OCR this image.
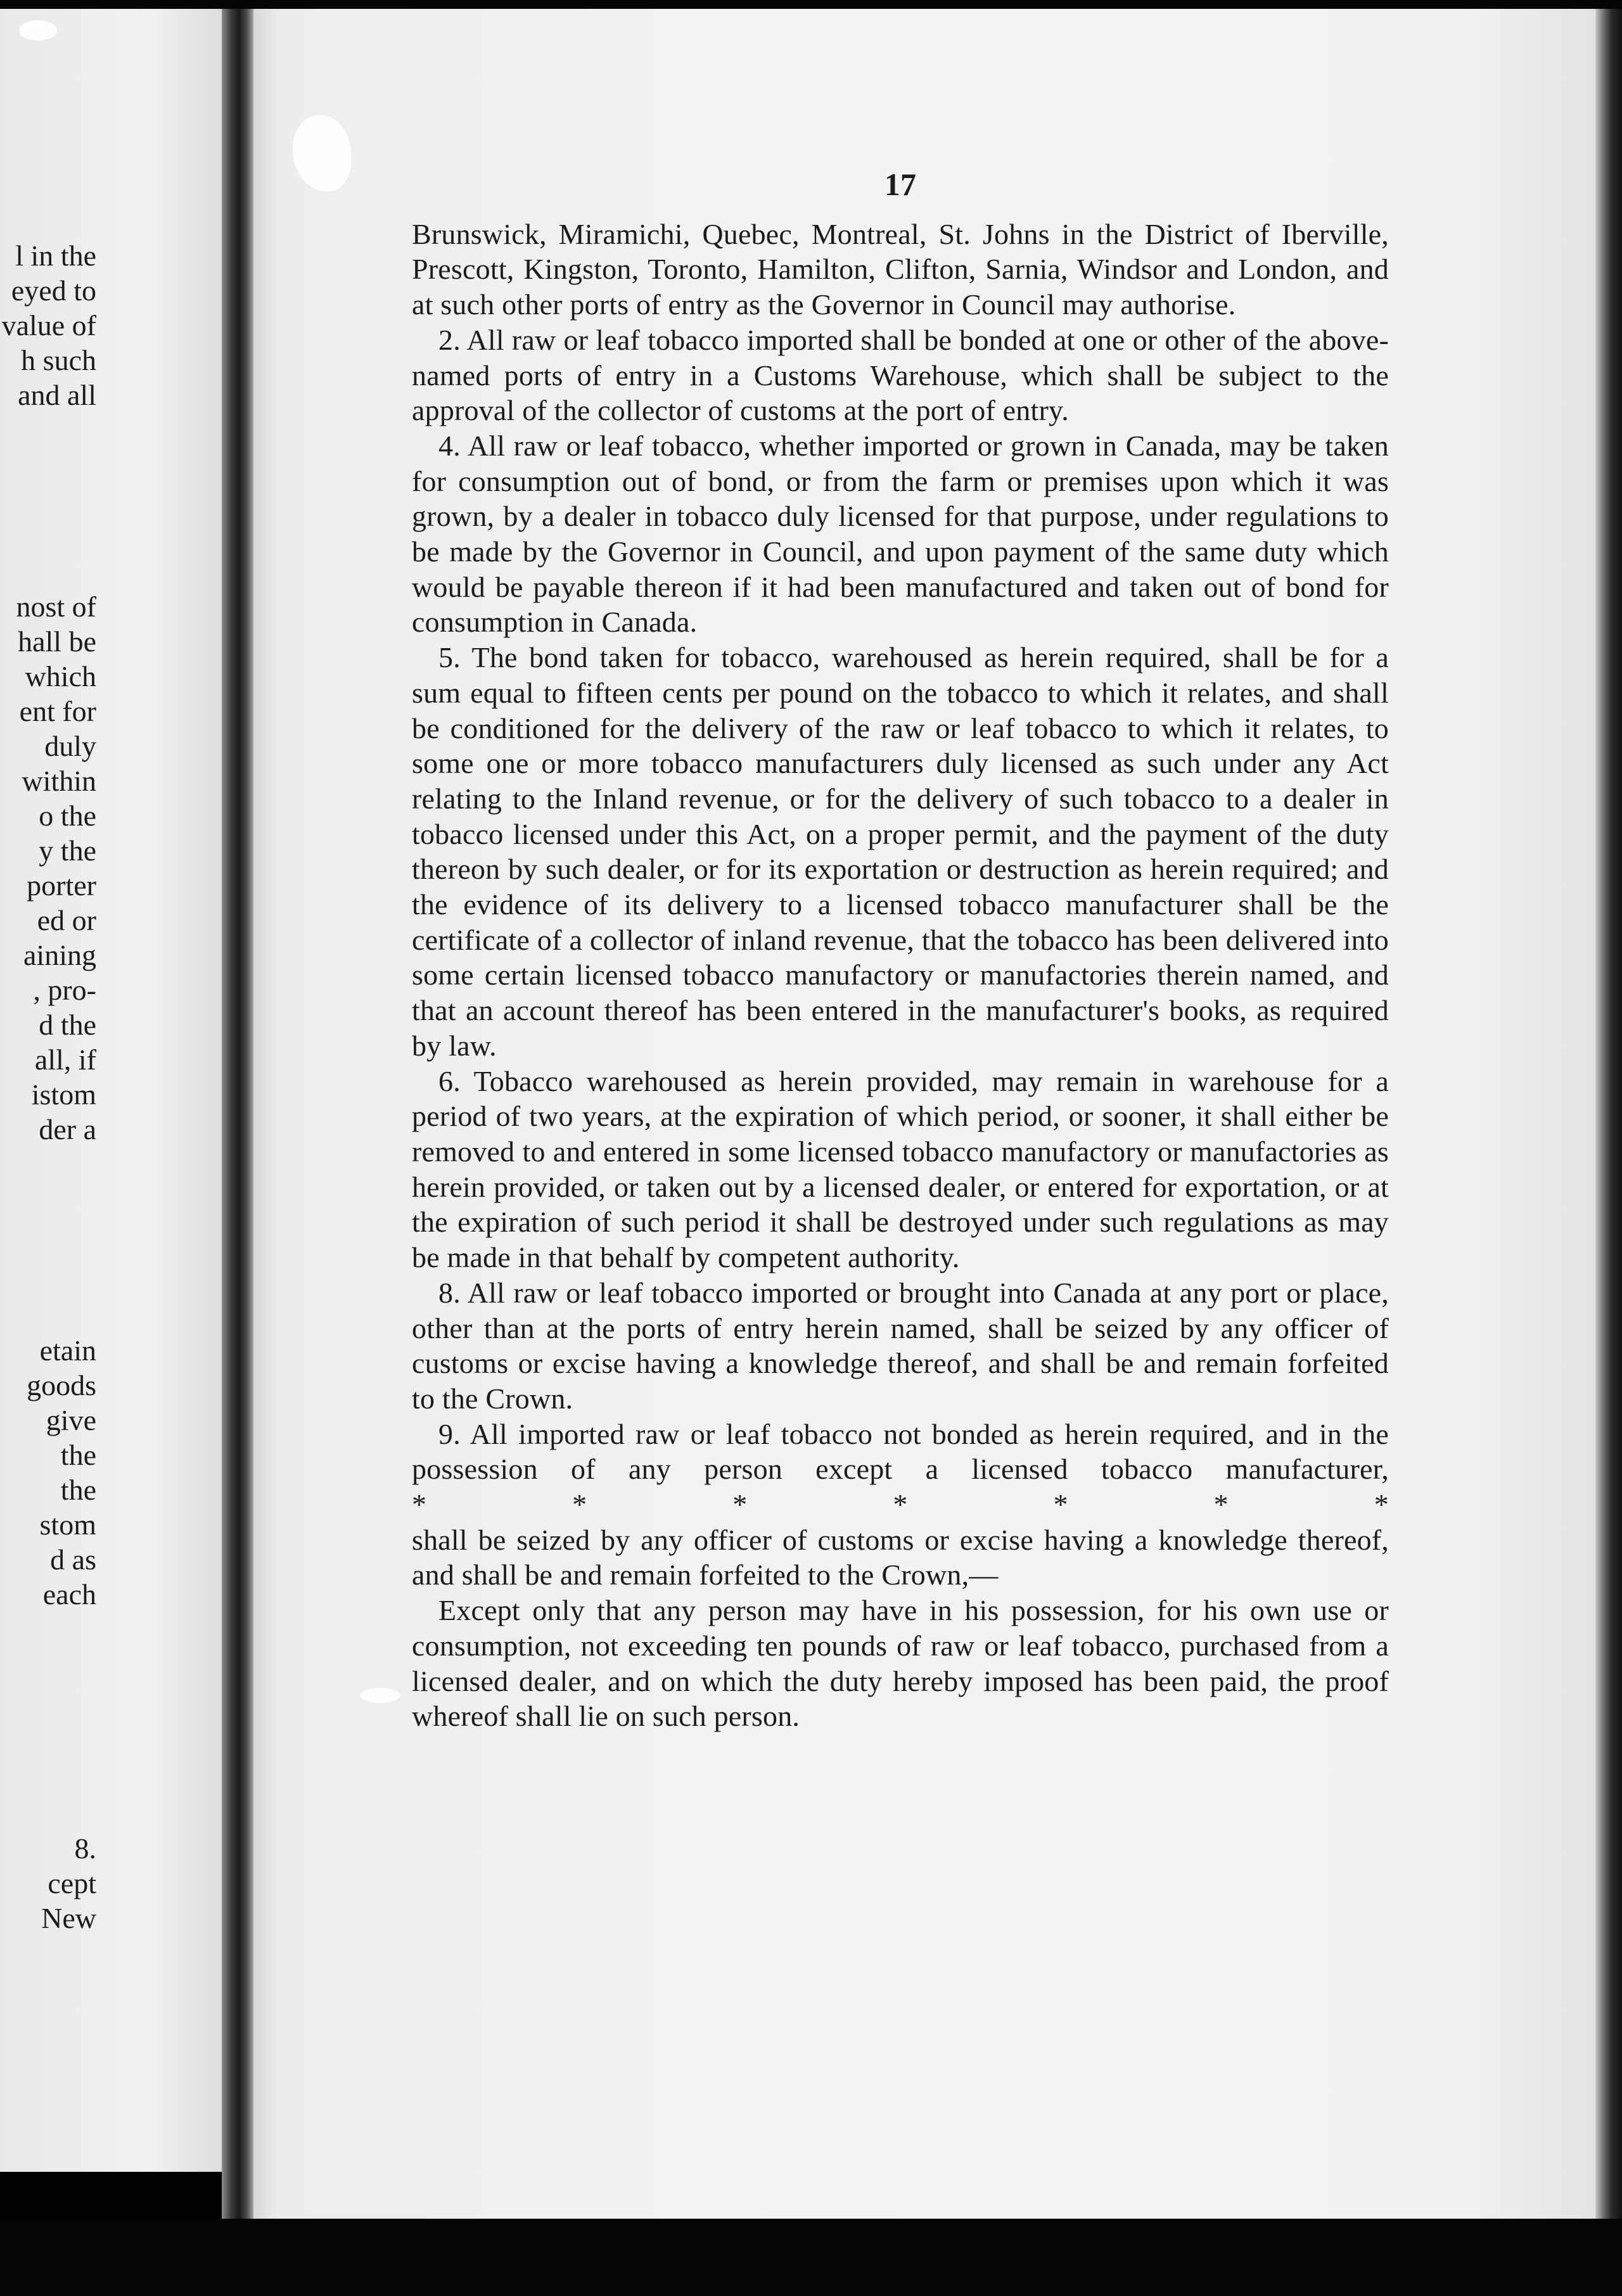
l in the
eyed to
value of
h such
and all
nost of
hall be
which
ent for
duly
within
o the
y the
porter
ed or
aining
, pro-
d the
all, if
istom
der a
etain
goods
give
the
the
stom
d as
each
8.
cept
New
17

Brunswick, Miramichi, Quebec, Montreal, St. Johns in the District of Iberville, Prescott, Kingston, Toronto, Hamilton, Clifton, Sarnia, Windsor and London, and at such other ports of entry as the Governor in Council may authorise.

2. All raw or leaf tobacco imported shall be bonded at one or other of the above-named ports of entry in a Customs Warehouse, which shall be subject to the approval of the collector of customs at the port of entry.

4. All raw or leaf tobacco, whether imported or grown in Canada, may be taken for consumption out of bond, or from the farm or premises upon which it was grown, by a dealer in tobacco duly licensed for that purpose, under regulations to be made by the Governor in Council, and upon payment of the same duty which would be payable thereon if it had been manufactured and taken out of bond for consumption in Canada.

5. The bond taken for tobacco, warehoused as herein required, shall be for a sum equal to fifteen cents per pound on the tobacco to which it relates, and shall be conditioned for the delivery of the raw or leaf tobacco to which it relates, to some one or more tobacco manufacturers duly licensed as such under any Act relating to the Inland revenue, or for the delivery of such tobacco to a dealer in tobacco licensed under this Act, on a proper permit, and the payment of the duty thereon by such dealer, or for its exportation or destruction as herein required; and the evidence of its delivery to a licensed tobacco manufacturer shall be the certificate of a collector of inland revenue, that the tobacco has been delivered into some certain licensed tobacco manufactory or manufactories therein named, and that an account thereof has been entered in the manufacturer's books, as required by law.

6. Tobacco warehoused as herein provided, may remain in warehouse for a period of two years, at the expiration of which period, or sooner, it shall either be removed to and entered in some licensed tobacco manufactory or manufactories as herein provided, or taken out by a licensed dealer, or entered for exportation, or at the expiration of such period it shall be destroyed under such regulations as may be made in that behalf by competent authority.

8. All raw or leaf tobacco imported or brought into Canada at any port or place, other than at the ports of entry herein named, shall be seized by any officer of customs or excise having a knowledge thereof, and shall be and remain forfeited to the Crown.

9. All imported raw or leaf tobacco not bonded as herein required, and in the possession of any person except a licensed tobacco manufacturer, *      *      *      *      *      *      *

shall be seized by any officer of customs or excise having a knowledge thereof, and shall be and remain forfeited to the Crown,—

Except only that any person may have in his possession, for his own use or consumption, not exceeding ten pounds of raw or leaf tobacco, purchased from a licensed dealer, and on which the duty hereby imposed has been paid, the proof whereof shall lie on such person.
